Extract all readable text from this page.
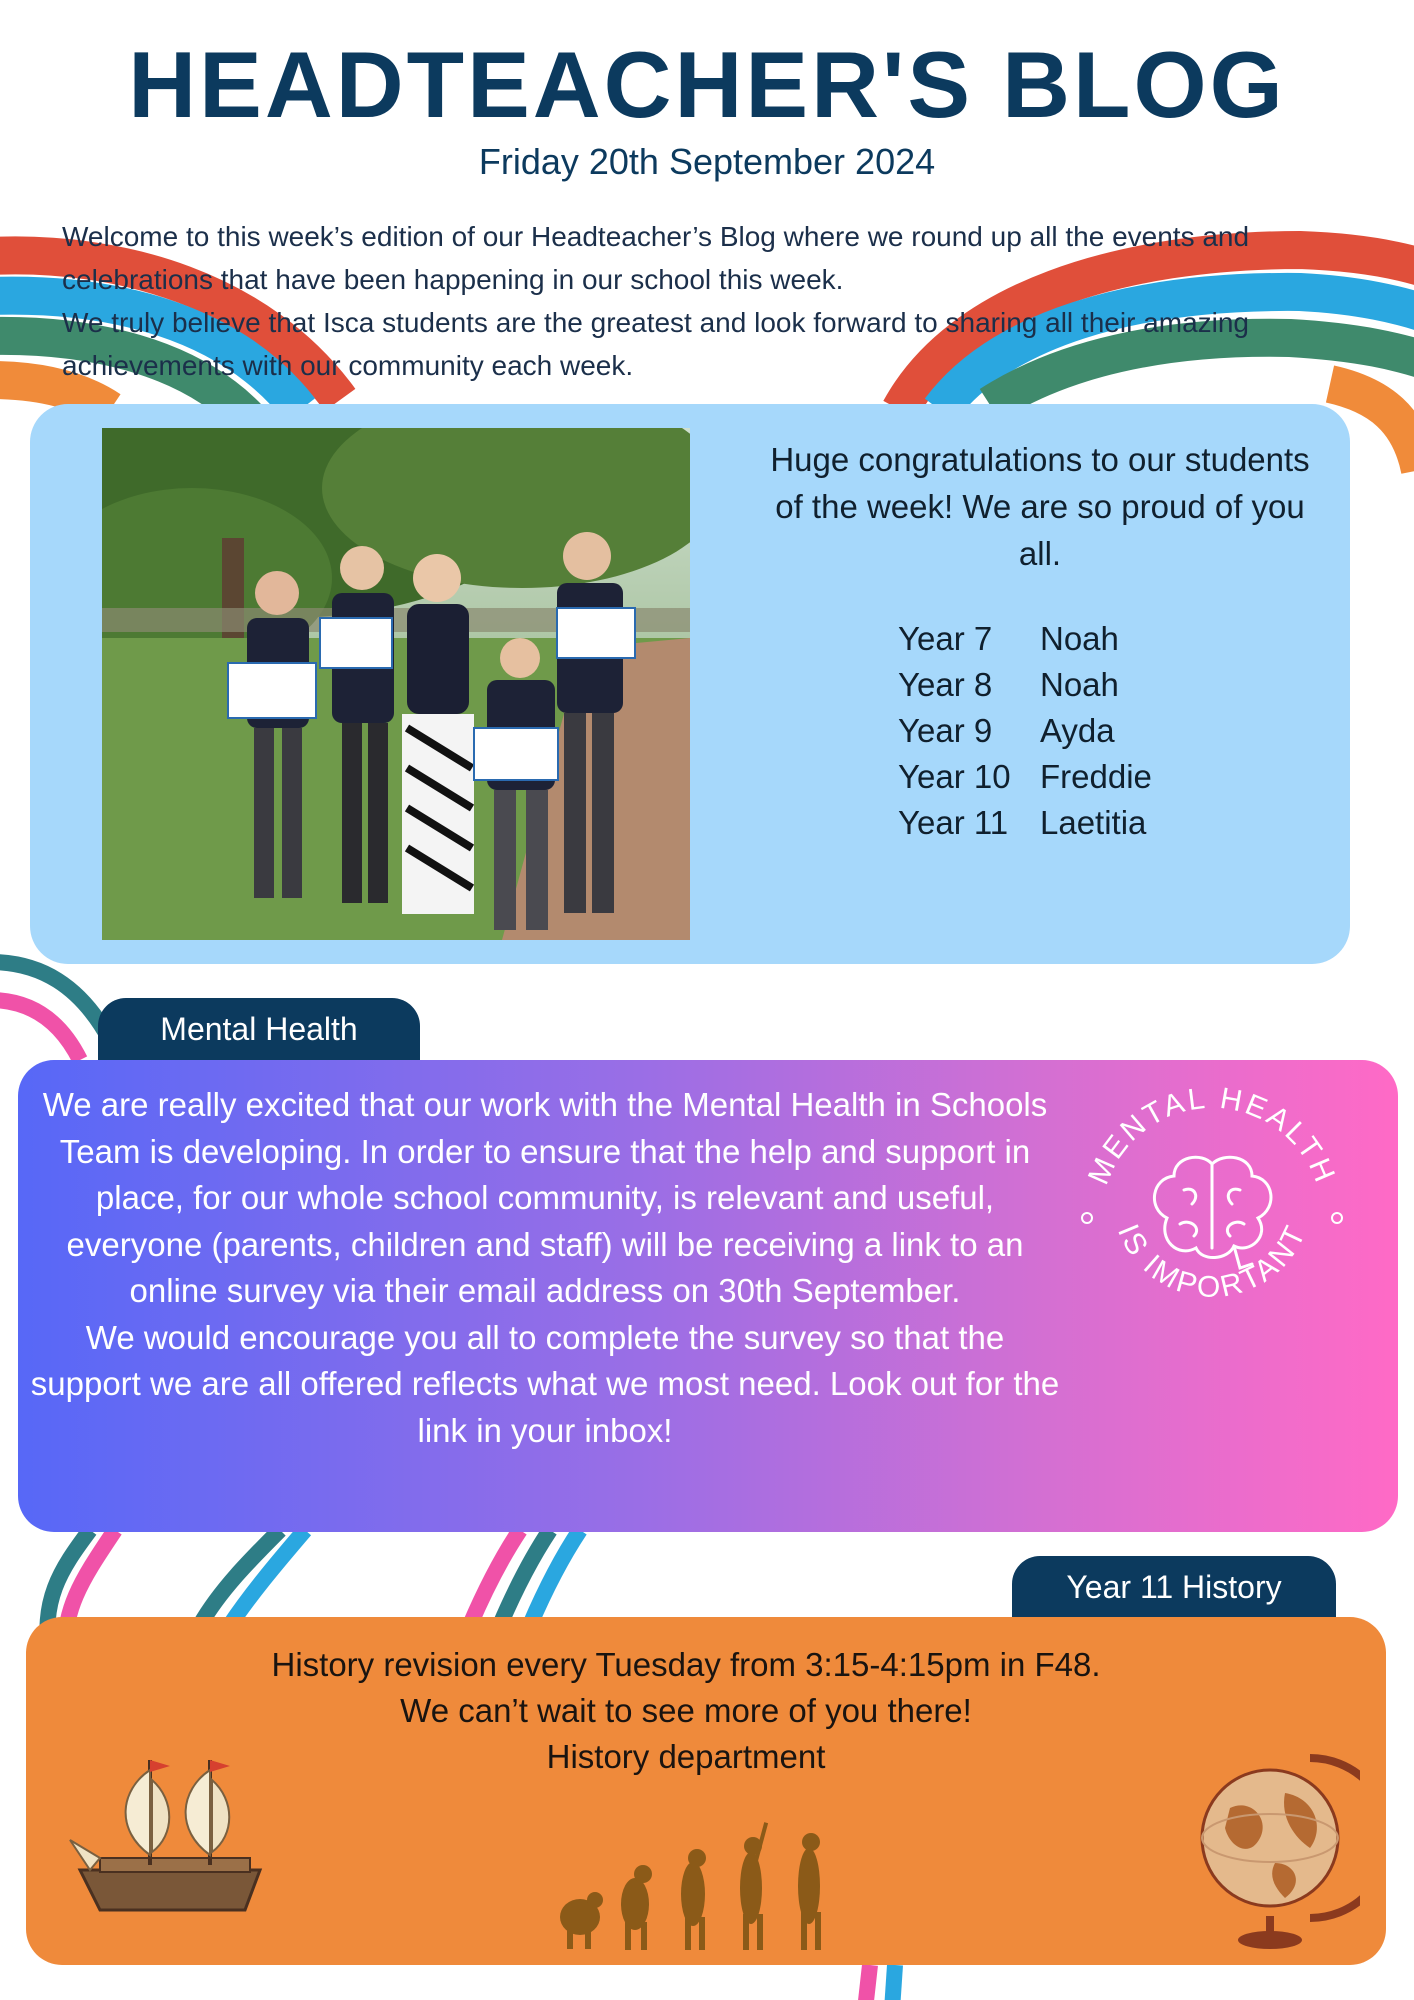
HEADTEACHER'S BLOG
Friday 20th September 2024

Welcome to this week’s edition of our Headteacher’s Blog where we round up all the events and celebrations that have been happening in our school this week.

We truly believe that Isca students are the greatest and look forward to sharing all their amazing achievements with our community each week.

Huge congratulations to our students of the week! We are so proud of you all.
Year 7	Noah
Year 8	Noah
Year 9	Ayda
Year 10	Freddie
Year 11	Laetitia
Mental Health

We are really excited that our work with the Mental Health in Schools Team is developing. In order to ensure that the help and support in place, for our whole school community, is relevant and useful, everyone (parents, children and staff) will be receiving a link to an online survey via their email address on 30th September.

We would encourage you all to complete the survey so that the support we are all offered reflects what we most need. Look out for the link in your inbox!

MENTAL HEALTH
IS IMPORTANT
Year 11 History

History revision every Tuesday from 3:15-4:15pm in F48.

We can’t wait to see more of you there!

History department
